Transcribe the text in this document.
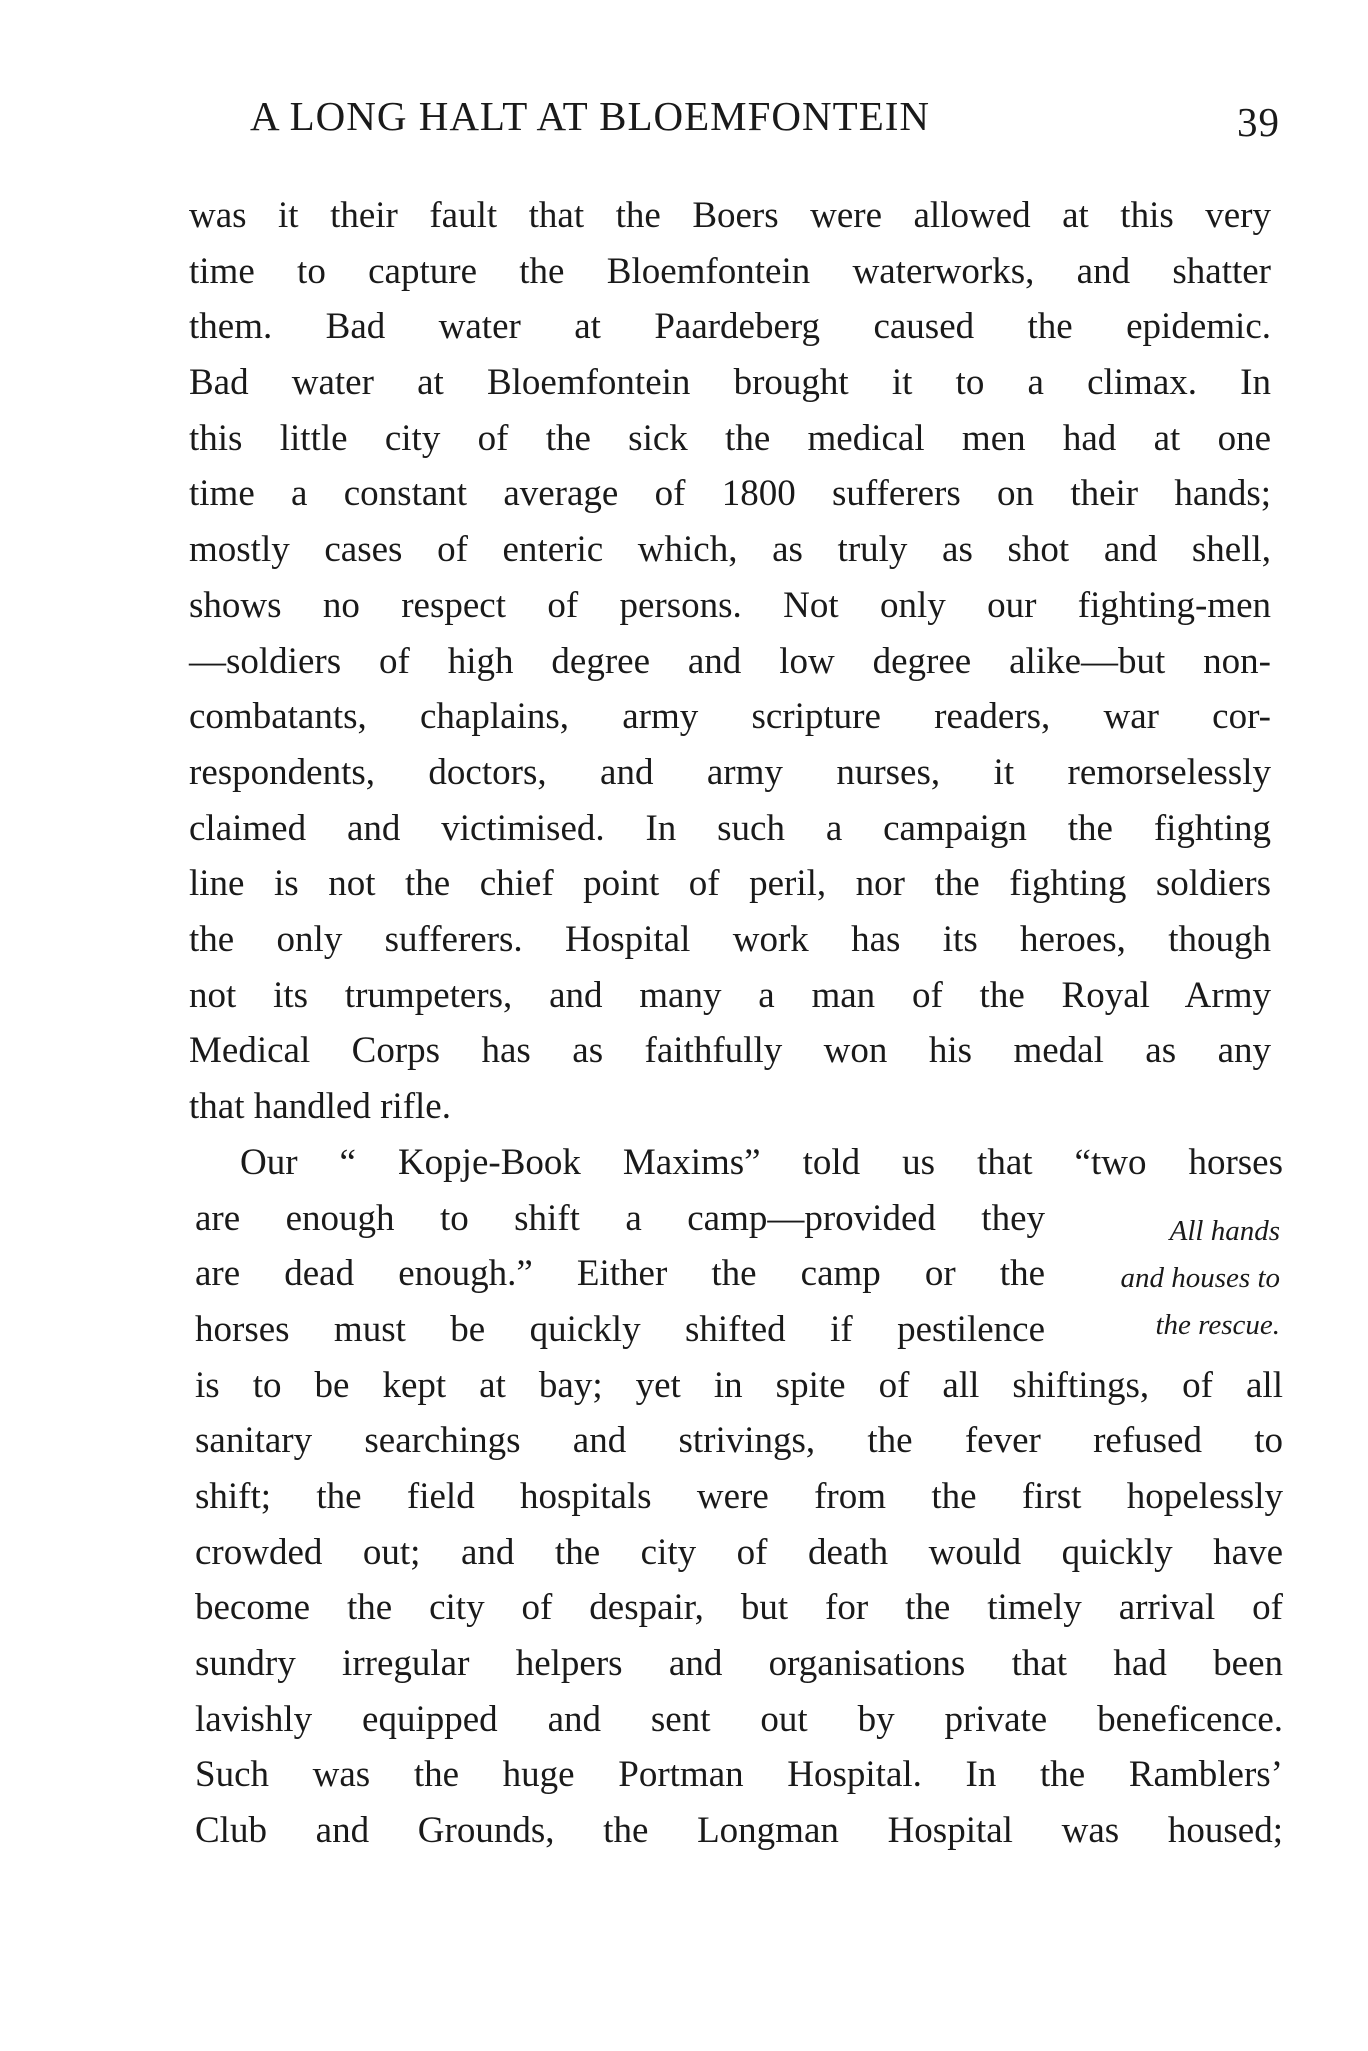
A LONG HALT AT BLOEMFONTEIN	39
was it their fault that the Boers were allowed at this very
time to capture the Bloemfontein waterworks, and shatter
them. Bad water at Paardeberg caused the epidemic.
Bad water at Bloemfontein brought it to a climax. In
this little city of the sick the medical men had at one
time a constant average of 1800 sufferers on their hands;
mostly cases of enteric which, as truly as shot and shell,
shows no respect of persons. Not only our fighting-men
—soldiers of high degree and low degree alike—but non-
combatants, chaplains, army scripture readers, war cor-
respondents, doctors, and army nurses, it remorselessly
claimed and victimised. In such a campaign the fighting
line is not the chief point of peril, nor the fighting soldiers
the only sufferers. Hospital work has its heroes, though
not its trumpeters, and many a man of the Royal Army
Medical Corps has as faithfully won his medal as any
that handled rifle.
Our “ Kopje-Book Maxims” told us that “two horses
are enough to shift a camp—provided they
are dead enough.” Either the camp or the
horses must be quickly shifted if pestilence
is to be kept at bay; yet in spite of all shiftings, of all
sanitary searchings and strivings, the fever refused to
shift; the field hospitals were from the first hopelessly
crowded out; and the city of death would quickly have
become the city of despair, but for the timely arrival of
sundry irregular helpers and organisations that had been
lavishly equipped and sent out by private beneficence.
Such was the huge Portman Hospital. In the Ramblers’
Club and Grounds, the Longman Hospital was housed;
All hands
and houses to
the rescue.
